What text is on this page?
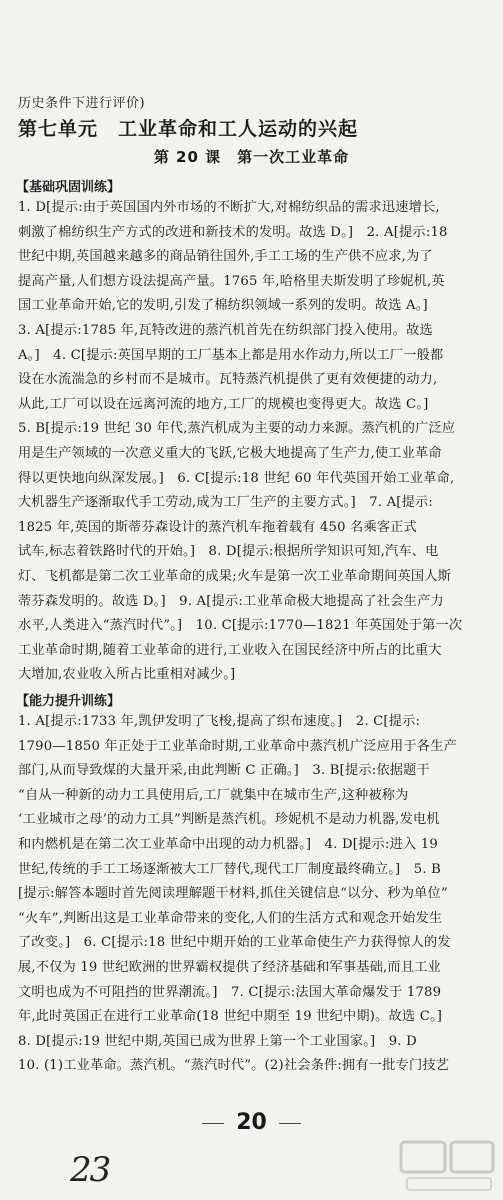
历史条件下进行评价)
第七单元　工业革命和工人运动的兴起
第 20 课　第一次工业革命
【基础巩固训练】
1. D[提示:由于英国国内外市场的不断扩大,对棉纺织品的需求迅速增长,
刺激了棉纺织生产方式的改进和新技术的发明。故选 D。]　2. A[提示:18
世纪中期,英国越来越多的商品销往国外,手工工场的生产供不应求,为了
提高产量,人们想方设法提高产量。1765 年,哈格里夫斯发明了珍妮机,英
国工业革命开始,它的发明,引发了棉纺织领域一系列的发明。故选 A。]
3. A[提示:1785 年,瓦特改进的蒸汽机首先在纺织部门投入使用。故选
A。]　4. C[提示:英国早期的工厂基本上都是用水作动力,所以工厂一般都
设在水流湍急的乡村而不是城市。瓦特蒸汽机提供了更有效便捷的动力,
从此,工厂可以设在远离河流的地方,工厂的规模也变得更大。故选 C。]
5. B[提示:19 世纪 30 年代,蒸汽机成为主要的动力来源。蒸汽机的广泛应
用是生产领域的一次意义重大的飞跃,它极大地提高了生产力,使工业革命
得以更快地向纵深发展。]　6. C[提示:18 世纪 60 年代英国开始工业革命,
大机器生产逐渐取代手工劳动,成为工厂生产的主要方式。]　7. A[提示:
1825 年,英国的斯蒂芬森设计的蒸汽机车拖着载有 450 名乘客正式
试车,标志着铁路时代的开始。]　8. D[提示:根据所学知识可知,汽车、电
灯、飞机都是第二次工业革命的成果;火车是第一次工业革命期间英国人斯
蒂芬森发明的。故选 D。]　9. A[提示:工业革命极大地提高了社会生产力
水平,人类进入“蒸汽时代”。]　10. C[提示:1770—1821 年英国处于第一次
工业革命时期,随着工业革命的进行,工业收入在国民经济中所占的比重大
大增加,农业收入所占比重相对减少。]
【能力提升训练】
1. A[提示:1733 年,凯伊发明了飞梭,提高了织布速度。]　2. C[提示:
1790—1850 年正处于工业革命时期,工业革命中蒸汽机广泛应用于各生产
部门,从而导致煤的大量开采,由此判断 C 正确。]　3. B[提示:依据题干
“自从一种新的动力工具使用后,工厂就集中在城市生产,这种被称为
‘工业城市之母’的动力工具”判断是蒸汽机。珍妮机不是动力机器,发电机
和内燃机是在第二次工业革命中出现的动力机器。]　4. D[提示:进入 19
世纪,传统的手工工场逐渐被大工厂替代,现代工厂制度最终确立。]　5. B
[提示:解答本题时首先阅读理解题干材料,抓住关键信息“以分、秒为单位”
“火车”,判断出这是工业革命带来的变化,人们的生活方式和观念开始发生
了改变。]　6. C[提示:18 世纪中期开始的工业革命使生产力获得惊人的发
展,不仅为 19 世纪欧洲的世界霸权提供了经济基础和军事基础,而且工业
文明也成为不可阻挡的世界潮流。]　7. C[提示:法国大革命爆发于 1789
年,此时英国正在进行工业革命(18 世纪中期至 19 世纪中期)。故选 C。]
8. D[提示:19 世纪中期,英国已成为世界上第一个工业国家。]　9. D
10. (1)工业革命。蒸汽机。“蒸汽时代”。(2)社会条件:拥有一批专门技艺
20
23
